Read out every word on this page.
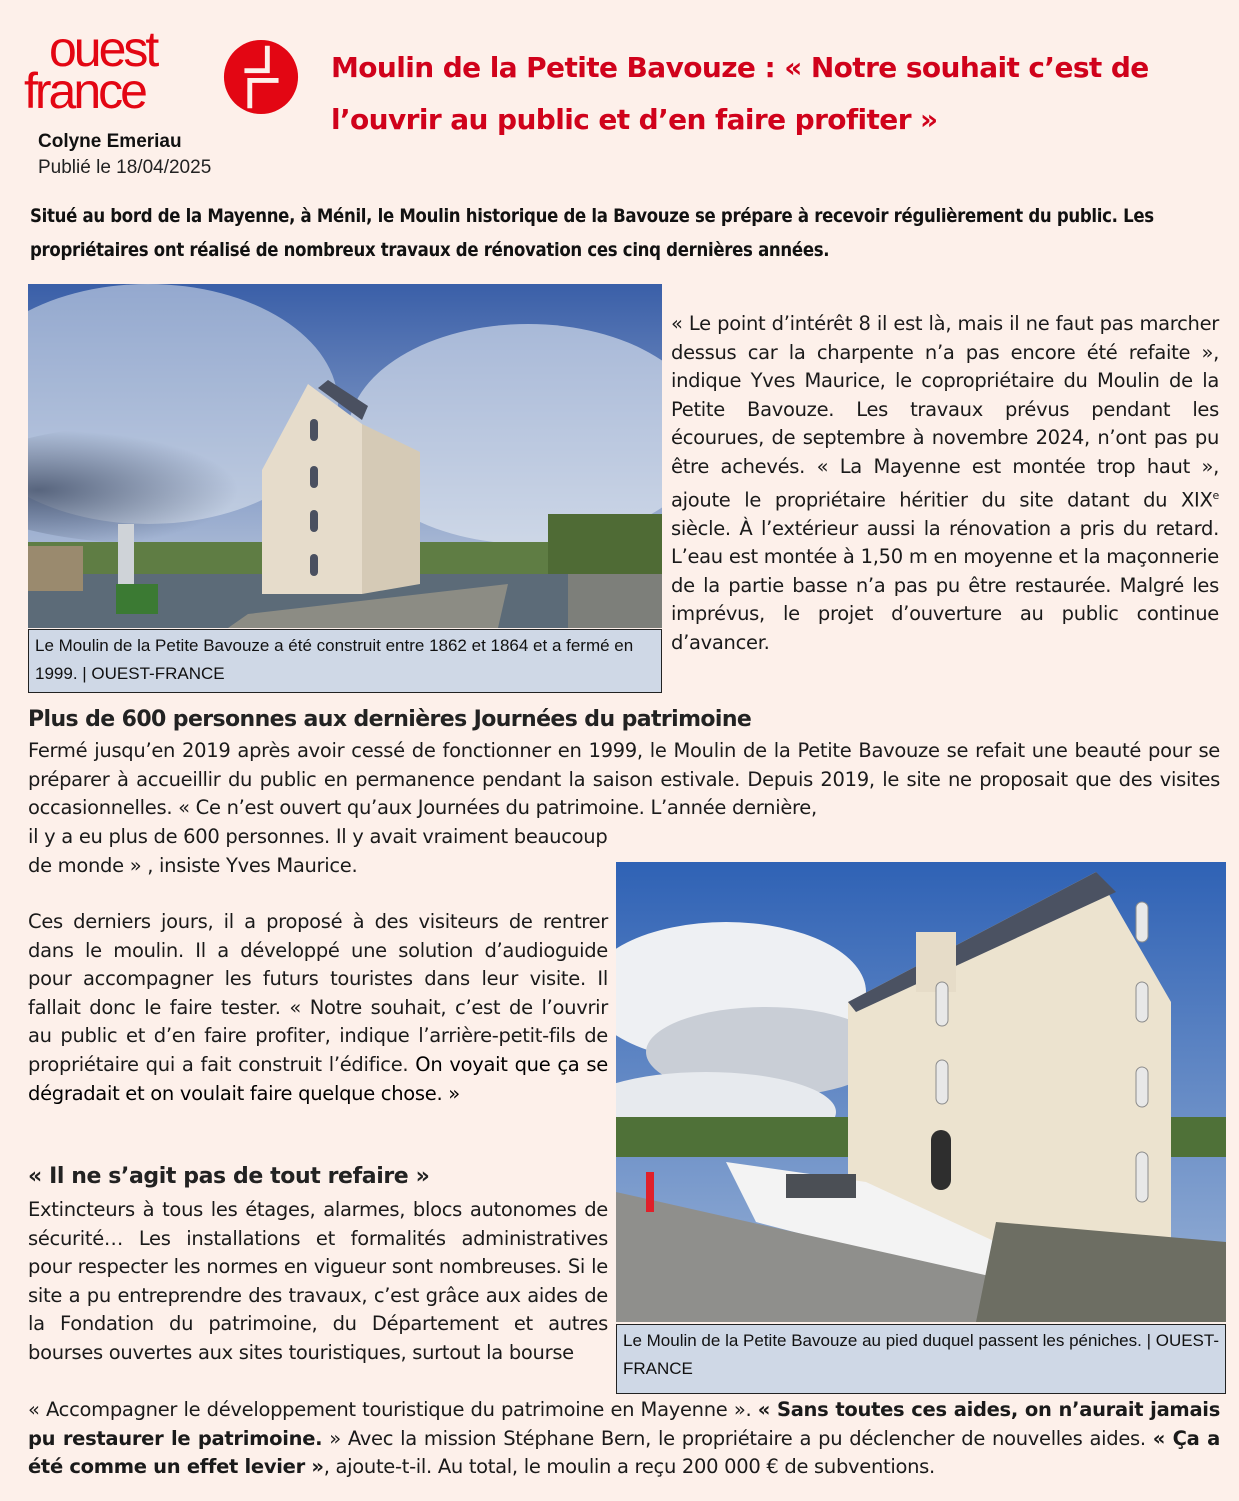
ouest
france
Colyne Emeriau
Publié le 18/04/2025
Moulin de la Petite Bavouze : « Notre souhait c’est de l’ouvrir au public et d’en faire profiter »

Situé au bord de la Mayenne, à Ménil, le Moulin historique de la Bavouze se prépare à recevoir régulièrement du public. Les propriétaires ont réalisé de nombreux travaux de rénovation ces cinq dernières années.

Le Moulin de la Petite Bavouze a été construit entre 1862 et 1864 et a fermé en 1999. | OUEST-FRANCE

« Le point d’intérêt 8 il est là, mais il ne faut pas marcher dessus car la charpente n’a pas encore été refaite », indique Yves Maurice, le copropriétaire du Moulin de la Petite Bavouze. Les travaux prévus pendant les écourues, de septembre à novembre 2024, n’ont pas pu être achevés. « La Mayenne est montée trop haut », ajoute le propriétaire héritier du site datant du XIXe siècle. À l’extérieur aussi la rénovation a pris du retard. L’eau est montée à 1,50 m en moyenne et la maçonnerie de la partie basse n’a pas pu être restaurée. Malgré les imprévus, le projet d’ouverture au public continue d’avancer.

Plus de 600 personnes aux dernières Journées du patrimoine

Fermé jusqu’en 2019 après avoir cessé de fonctionner en 1999, le Moulin de la Petite Bavouze se refait une beauté pour se préparer à accueillir du public en permanence pendant la saison estivale. Depuis 2019, le site ne proposait que des visites occasionnelles. « Ce n’est ouvert qu’aux Journées du patrimoine. L’année dernière,

il y a eu plus de 600 personnes. Il y avait vraiment beaucoup de monde » , insiste Yves Maurice.

Ces derniers jours, il a proposé à des visiteurs de rentrer dans le moulin. Il a développé une solution d’audioguide pour accompagner les futurs touristes dans leur visite. Il fallait donc le faire tester. « Notre souhait, c’est de l’ouvrir au public et d’en faire profiter, indique l’arrière-petit-fils de propriétaire qui a fait construit l’édifice. On voyait que ça se dégradait et on voulait faire quelque chose. »

Le Moulin de la Petite Bavouze au pied duquel passent les péniches. | OUEST-FRANCE
« Il ne s’agit pas de tout refaire »

Extincteurs à tous les étages, alarmes, blocs autonomes de sécurité… Les installations et formalités administratives pour respecter les normes en vigueur sont nombreuses. Si le site a pu entreprendre des travaux, c’est grâce aux aides de la Fondation du patrimoine, du Département et autres bourses ouvertes aux sites touristiques, surtout la bourse

« Accompagner le développement touristique du patrimoine en Mayenne ». « Sans toutes ces aides, on n’aurait jamais pu restaurer le patrimoine. » Avec la mission Stéphane Bern, le propriétaire a pu déclencher de nouvelles aides. « Ça a été comme un effet levier », ajoute-t-il. Au total, le moulin a reçu 200 000 € de subventions.
